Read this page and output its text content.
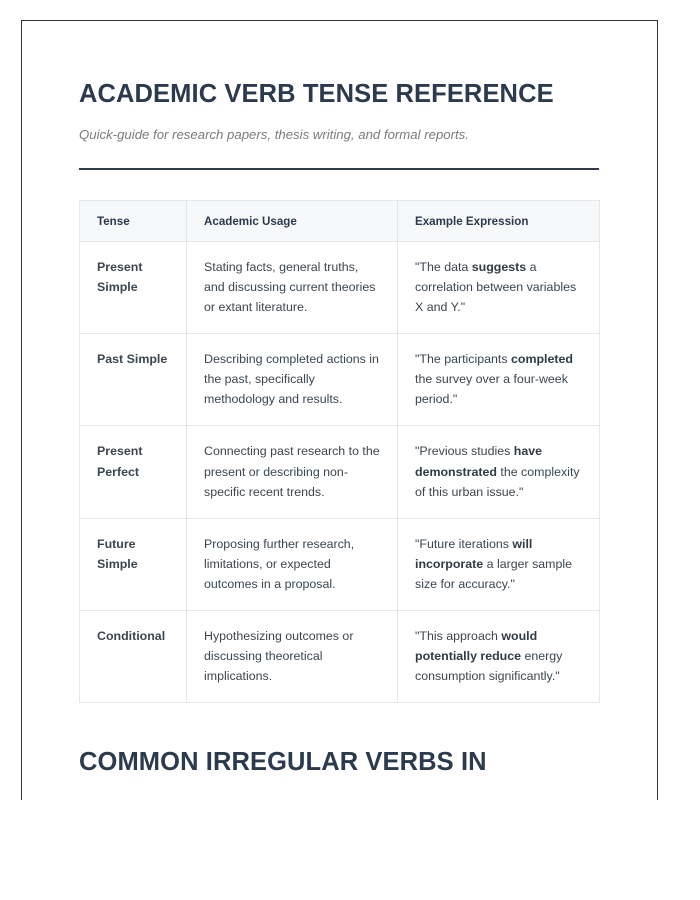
ACADEMIC VERB TENSE REFERENCE

Quick-guide for research papers, thesis writing, and formal reports.

Tense	Academic Usage	Example Expression
Present Simple	Stating facts, general truths, and discussing current theories or extant literature.	"The data suggests a correlation between variables X and Y."
Past Simple	Describing completed actions in the past, specifically methodology and results.	"The participants completed the survey over a four-week period."
Present Perfect	Connecting past research to the present or describing non-specific recent trends.	"Previous studies have demonstrated the complexity of this urban issue."
Future Simple	Proposing further research, limitations, or expected outcomes in a proposal.	"Future iterations will incorporate a larger sample size for accuracy."
Conditional	Hypothesizing outcomes or discussing theoretical implications.	"This approach would potentially reduce energy consumption significantly."
COMMON IRREGULAR VERBS IN
